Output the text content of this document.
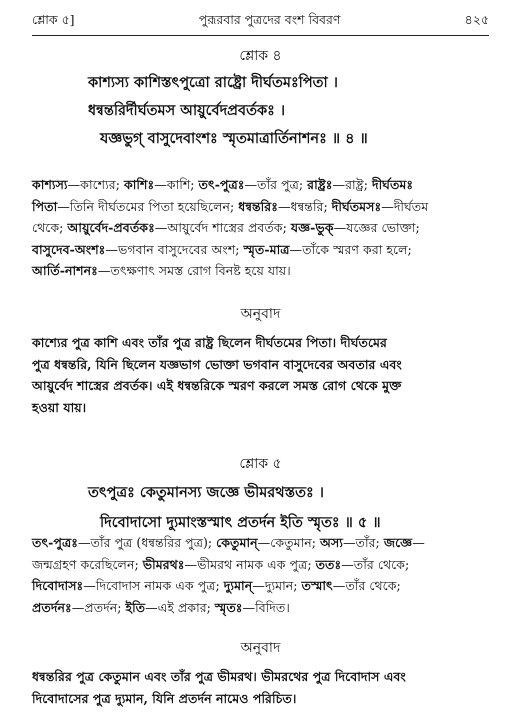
শ্লোক ৫]	পুরূরবার পুত্রদের বংশ বিবরণ	৪২৫

শ্লোক ৪

কাশ্যস্য কাশিস্তৎপুত্রো রাষ্ট্রো দীর্ঘতমঃপিতা ।

ধন্বন্তরির্দীর্ঘতমস আয়ুর্বেদপ্রবর্তকঃ ।

যজ্ঞভুগ্ বাসুদেবাংশঃ স্মৃতমাত্রার্তিনাশনঃ ॥ ৪ ॥

কাশ্যস্য—কাশ্যের; কাশিঃ—কাশি; তৎ-পুত্রঃ—তাঁর পুত্র; রাষ্ট্রঃ—রাষ্ট্র; দীর্ঘতমঃ

পিতা—তিনি দীর্ঘতমের পিতা হয়েছিলেন; ধন্বন্তরিঃ—ধন্বন্তরি; দীর্ঘতমসঃ—দীর্ঘতম

থেকে; আয়ুর্বেদ-প্রবর্তকঃ—আয়ুর্বেদ শাস্ত্রের প্রবর্তক; যজ্ঞ-ভুক্—যজ্ঞের ভোক্তা;

বাসুদেব-অংশঃ—ভগবান বাসুদেবের অংশ; স্মৃত-মাত্র—তাঁকে স্মরণ করা হলে;

আর্তি-নাশনঃ—তৎক্ষণাৎ সমস্ত রোগ বিনষ্ট হয়ে যায়।

অনুবাদ

কাশ্যের পুত্র কাশি এবং তাঁর পুত্র রাষ্ট্র ছিলেন দীর্ঘতমের পিতা। দীর্ঘতমের

পুত্র ধন্বন্তরি, যিনি ছিলেন যজ্ঞভাগ ভোক্তা ভগবান বাসুদেবের অবতার এবং

আয়ুর্বেদ শাস্ত্রের প্রবর্তক। এই ধন্বন্তরিকে স্মরণ করলে সমস্ত রোগ থেকে মুক্ত

হওয়া যায়।

শ্লোক ৫

তৎপুত্রঃ কেতুমানস্য জজ্ঞে ভীমরথস্ততঃ ।

দিবোদাসো দ্যুমাংস্তস্মাৎ প্রতর্দন ইতি স্মৃতঃ ॥ ৫ ॥

তৎ-পুত্রঃ—তাঁর পুত্র (ধন্বন্তরির পুত্র); কেতুমান্—কেতুমান; অস্য—তাঁর; জজ্ঞে—

জন্মগ্রহণ করেছিলেন; ভীমরথঃ—ভীমরথ নামক এক পুত্র; ততঃ—তাঁর থেকে;

দিবোদাসঃ—দিবোদাস নামক এক পুত্র; দ্যুমান্—দ্যুমান; তস্মাৎ—তাঁর থেকে;

প্রতর্দনঃ—প্রতর্দন; ইতি—এই প্রকার; স্মৃতঃ—বিদিত।

অনুবাদ

ধন্বন্তরির পুত্র কেতুমান এবং তাঁর পুত্র ভীমরথ। ভীমরথের পুত্র দিবোদাস এবং

দিবোদাসের পুত্র দ্যুমান, যিনি প্রতর্দন নামেও পরিচিত।
